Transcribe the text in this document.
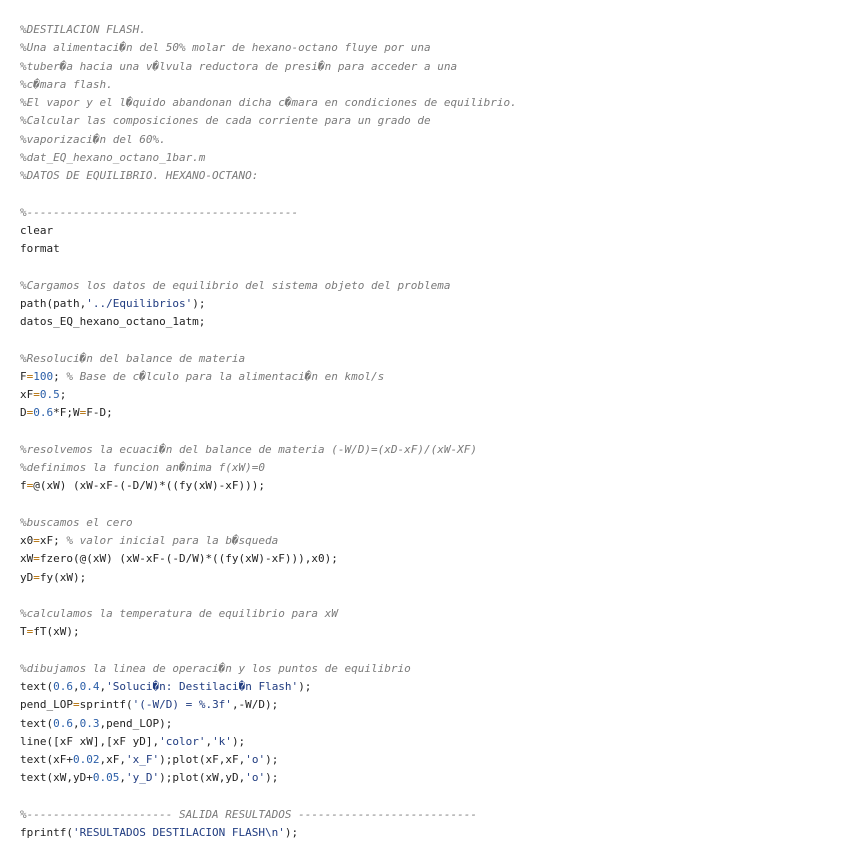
%DESTILACION FLASH.
%Una alimentaci�n del 50% molar de hexano-octano fluye por una
%tuber�a hacia una v�lvula reductora de presi�n para acceder a una
%c�mara flash.
%El vapor y el l�quido abandonan dicha c�mara en condiciones de equilibrio.
%Calcular las composiciones de cada corriente para un grado de
%vaporizaci�n del 60%.
%dat_EQ_hexano_octano_1bar.m
%DATOS DE EQUILIBRIO. HEXANO-OCTANO:

%-----------------------------------------
clear
format

%Cargamos los datos de equilibrio del sistema objeto del problema
path(path,'../Equilibrios');
datos_EQ_hexano_octano_1atm;

%Resoluci�n del balance de materia
F=100; % Base de c�lculo para la alimentaci�n en kmol/s
xF=0.5;
D=0.6*F;W=F-D;

%resolvemos la ecuaci�n del balance de materia (-W/D)=(xD-xF)/(xW-XF)
%definimos la funcion an�nima f(xW)=0
f=@(xW) (xW-xF-(-D/W)*((fy(xW)-xF)));

%buscamos el cero
x0=xF; % valor inicial para la b�squeda
xW=fzero(@(xW) (xW-xF-(-D/W)*((fy(xW)-xF))),x0);
yD=fy(xW);

%calculamos la temperatura de equilibrio para xW
T=fT(xW);

%dibujamos la linea de operaci�n y los puntos de equilibrio
text(0.6,0.4,'Soluci�n: Destilaci�n Flash');
pend_LOP=sprintf('(-W/D) = %.3f',-W/D);
text(0.6,0.3,pend_LOP);
line([xF xW],[xF yD],'color','k');
text(xF+0.02,xF,'x_F');plot(xF,xF,'o');
text(xW,yD+0.05,'y_D');plot(xW,yD,'o');

%---------------------- SALIDA RESULTADOS ---------------------------
fprintf('RESULTADOS DESTILACION FLASH\n');
